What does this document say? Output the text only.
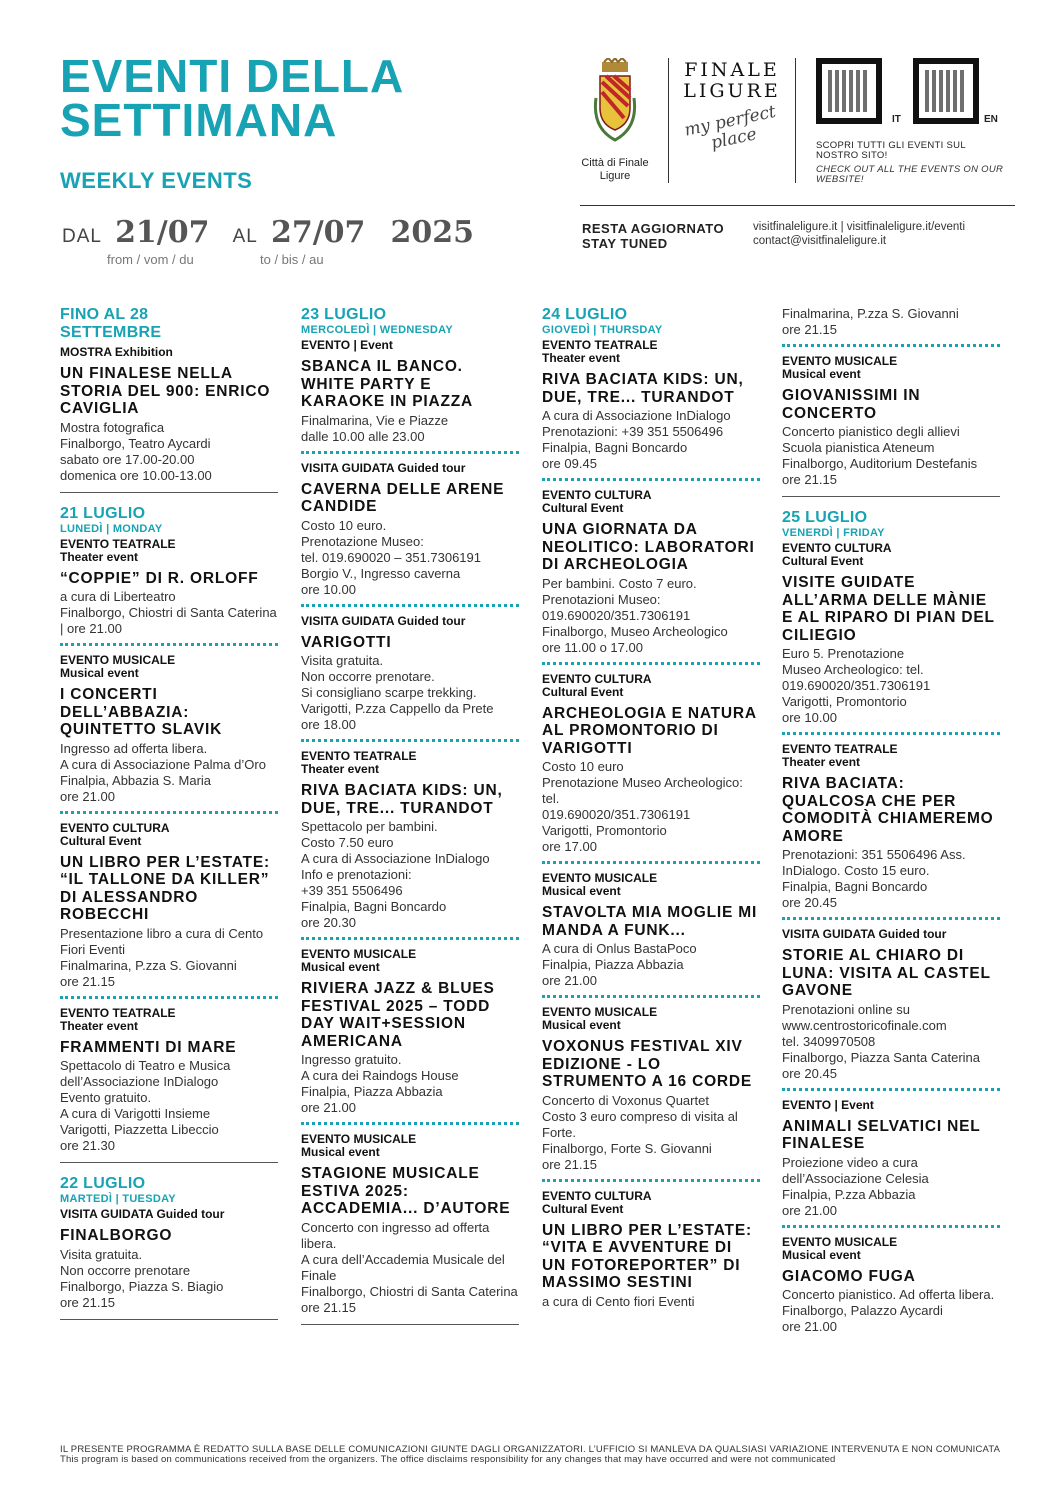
EVENTI DELLA SETTIMANA
WEEKLY EVENTS
DAL 21/07 AL 27/07 2025
from / vom / du	to / bis / au
Città di Finale Ligure
FINALE LIGURE
my perfect place
IT	EN
SCOPRI TUTTI GLI EVENTI SUL NOSTRO SITO!
CHECK OUT ALL THE EVENTS ON OUR WEBSITE!
RESTA AGGIORNATO
STAY TUNED
visitfinaleligure.it | visitfinaleligure.it/eventi
contact@visitfinaleligure.it
FINO AL 28 SETTEMBRE
MOSTRA Exhibition
UN FINALESE NELLA STORIA DEL 900: ENRICO CAVIGLIA
Mostra fotografica
Finalborgo, Teatro Aycardi
sabato ore 17.00-20.00
domenica ore 10.00-13.00
21 LUGLIO
LUNEDÌ | MONDAY
EVENTO TEATRALE
Theater event
“COPPIE” DI R. ORLOFF
a cura di Liberteatro
Finalborgo, Chiostri di Santa Caterina | ore 21.00
EVENTO MUSICALE
Musical event
I CONCERTI DELL’ABBAZIA: QUINTETTO SLAVIK
Ingresso ad offerta libera.
A cura di Associazione Palma d’Oro
Finalpia, Abbazia S. Maria
ore 21.00
EVENTO CULTURA
Cultural Event
UN LIBRO PER L’ESTATE: “IL TALLONE DA KILLER” DI ALESSANDRO ROBECCHI
Presentazione libro a cura di Cento Fiori Eventi
Finalmarina, P.zza S. Giovanni
ore 21.15
EVENTO TEATRALE
Theater event
FRAMMENTI DI MARE
Spettacolo di Teatro e Musica dell’Associazione InDialogo
Evento gratuito.
A cura di Varigotti Insieme
Varigotti, Piazzetta Libeccio
ore 21.30
22 LUGLIO
MARTEDÌ | TUESDAY
VISITA GUIDATA Guided tour
FINALBORGO
Visita gratuita.
Non occorre prenotare
Finalborgo, Piazza S. Biagio
ore 21.15
23 LUGLIO
MERCOLEDÌ | WEDNESDAY
EVENTO | Event
SBANCA IL BANCO. WHITE PARTY E KARAOKE IN PIAZZA
Finalmarina, Vie e Piazze
dalle 10.00 alle 23.00
VISITA GUIDATA Guided tour
CAVERNA DELLE ARENE CANDIDE
Costo 10 euro.
Prenotazione Museo:
tel. 019.690020 – 351.7306191
Borgio V., Ingresso caverna
ore 10.00
VISITA GUIDATA Guided tour
VARIGOTTI
Visita gratuita.
Non occorre prenotare.
Si consigliano scarpe trekking.
Varigotti, P.zza Cappello da Prete
ore 18.00
EVENTO TEATRALE
Theater event
RIVA BACIATA KIDS: UN, DUE, TRE... TURANDOT
Spettacolo per bambini.
Costo 7.50 euro
A cura di Associazione InDialogo
Info e prenotazioni:
+39 351 5506496
Finalpia, Bagni Boncardo
ore 20.30
EVENTO MUSICALE
Musical event
RIVIERA JAZZ & BLUES FESTIVAL 2025 – TODD DAY WAIT+SESSION AMERICANA
Ingresso gratuito.
A cura dei Raindogs House
Finalpia, Piazza Abbazia
ore 21.00
EVENTO MUSICALE
Musical event
STAGIONE MUSICALE ESTIVA 2025: ACCADEMIA... D’AUTORE
Concerto con ingresso ad offerta libera.
A cura dell’Accademia Musicale del Finale
Finalborgo, Chiostri di Santa Caterina
ore 21.15
24 LUGLIO
GIOVEDÌ | THURSDAY
EVENTO TEATRALE
Theater event
RIVA BACIATA KIDS: UN, DUE, TRE... TURANDOT
A cura di Associazione InDialogo
Prenotazioni: +39 351 5506496
Finalpia, Bagni Boncardo
ore 09.45
EVENTO CULTURA
Cultural Event
UNA GIORNATA DA NEOLITICO: LABORATORI DI ARCHEOLOGIA
Per bambini. Costo 7 euro. Prenotazioni Museo:
019.690020/351.7306191
Finalborgo, Museo Archeologico
ore 11.00 o 17.00
EVENTO CULTURA
Cultural Event
ARCHEOLOGIA E NATURA AL PROMONTORIO DI VARIGOTTI
Costo 10 euro
Prenotazione Museo Archeologico: tel.
019.690020/351.7306191
Varigotti, Promontorio
ore 17.00
EVENTO MUSICALE
Musical event
STAVOLTA MIA MOGLIE MI MANDA A FUNK...
A cura di Onlus BastaPoco
Finalpia, Piazza Abbazia
ore 21.00
EVENTO MUSICALE
Musical event
VOXONUS FESTIVAL XIV EDIZIONE - LO STRUMENTO A 16 CORDE
Concerto di Voxonus Quartet
Costo 3 euro compreso di visita al Forte.
Finalborgo, Forte S. Giovanni
ore 21.15
EVENTO CULTURA
Cultural Event
UN LIBRO PER L’ESTATE: “VITA E AVVENTURE DI UN FOTOREPORTER” DI MASSIMO SESTINI
a cura di Cento fiori Eventi
Finalmarina, P.zza S. Giovanni
ore 21.15
EVENTO MUSICALE
Musical event
GIOVANISSIMI IN CONCERTO
Concerto pianistico degli allievi Scuola pianistica Ateneum
Finalborgo, Auditorium Destefanis
ore 21.15
25 LUGLIO
VENERDÌ | FRIDAY
EVENTO CULTURA
Cultural Event
VISITE GUIDATE ALL’ARMA DELLE MÀNIE E AL RIPARO DI PIAN DEL CILIEGIO
Euro 5. Prenotazione
Museo Archeologico: tel.
019.690020/351.7306191
Varigotti, Promontorio
ore 10.00
EVENTO TEATRALE
Theater event
RIVA BACIATA: QUALCOSA CHE PER COMODITÀ CHIAMEREMO AMORE
Prenotazioni: 351 5506496 Ass. InDialogo. Costo 15 euro.
Finalpia, Bagni Boncardo
ore 20.45
VISITA GUIDATA Guided tour
STORIE AL CHIARO DI LUNA: VISITA AL CASTEL GAVONE
Prenotazioni online su
www.centrostoricofinale.com
tel. 3409970508
Finalborgo, Piazza Santa Caterina
ore 20.45
EVENTO | Event
ANIMALI SELVATICI NEL FINALESE
Proiezione video a cura dell’Associazione Celesia
Finalpia, P.zza Abbazia
ore 21.00
EVENTO MUSICALE
Musical event
GIACOMO FUGA
Concerto pianistico. Ad offerta libera.
Finalborgo, Palazzo Aycardi
ore 21.00
IL PRESENTE PROGRAMMA È REDATTO SULLA BASE DELLE COMUNICAZIONI GIUNTE DAGLI ORGANIZZATORI. L’UFFICIO SI MANLEVA DA QUALSIASI VARIAZIONE INTERVENUTA E NON COMUNICATA
This program is based on communications received from the organizers. The office disclaims responsibility for any changes that may have occurred and were not communicated
